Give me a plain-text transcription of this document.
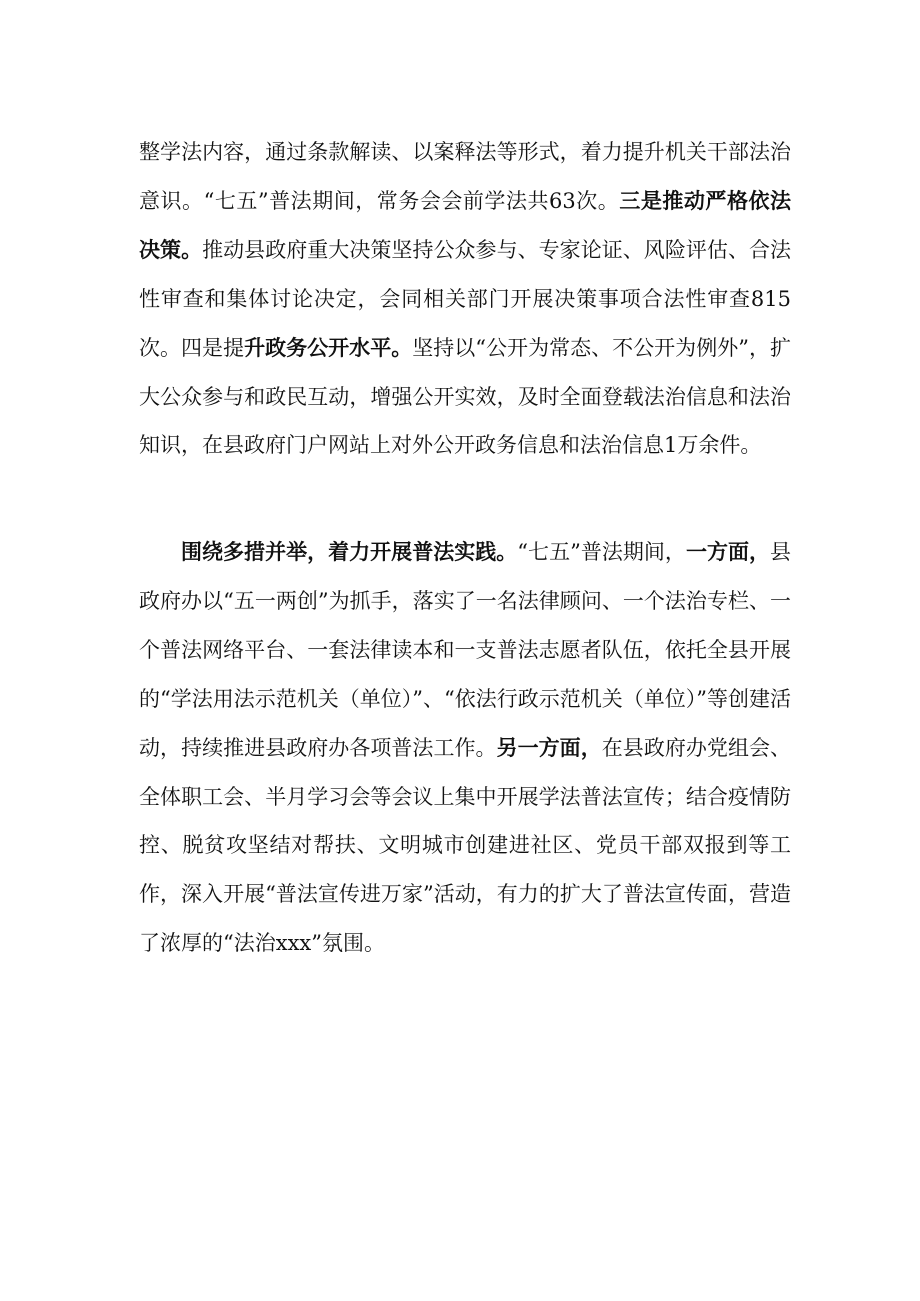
整学法内容，通过条款解读、以案释法等形式，着力提升机关干部法治意识。“七五”普法期间，常务会会前学法共63次。三是推动严格依法决策。推动县政府重大决策坚持公众参与、专家论证、风险评估、合法性审查和集体讨论决定，会同相关部门开展决策事项合法性审查815次。四是提升政务公开水平。坚持以“公开为常态、不公开为例外”，扩大公众参与和政民互动，增强公开实效，及时全面登载法治信息和法治知识，在县政府门户网站上对外公开政务信息和法治信息1万余件。

围绕多措并举，着力开展普法实践。“七五”普法期间，一方面，县政府办以“五一两创”为抓手，落实了一名法律顾问、一个法治专栏、一个普法网络平台、一套法律读本和一支普法志愿者队伍，依托全县开展的“学法用法示范机关（单位）”、“依法行政示范机关（单位）”等创建活动，持续推进县政府办各项普法工作。另一方面，在县政府办党组会、全体职工会、半月学习会等会议上集中开展学法普法宣传；结合疫情防控、脱贫攻坚结对帮扶、文明城市创建进社区、党员干部双报到等工作，深入开展“普法宣传进万家”活动，有力的扩大了普法宣传面，营造了浓厚的“法治xxx”氛围。
